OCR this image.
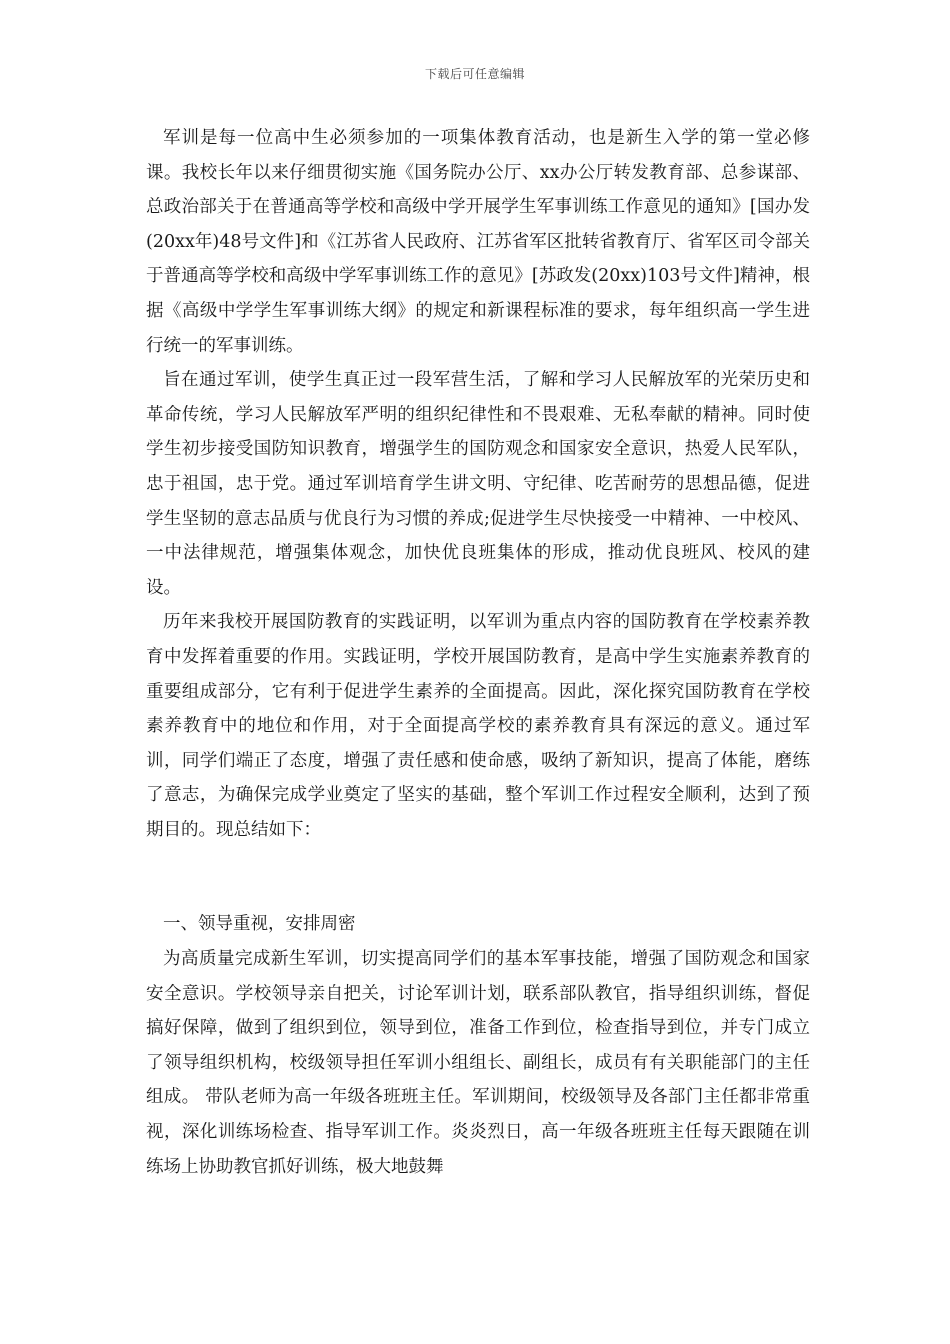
下载后可任意编辑

军训是每一位高中生必须参加的一项集体教育活动，也是新生入学的第一堂必修课。我校长年以来仔细贯彻实施《国务院办公厅、xx办公厅转发教育部、总参谋部、总政治部关于在普通高等学校和高级中学开展学生军事训练工作意见的通知》[国办发(20xx年)48号文件]和《江苏省人民政府、江苏省军区批转省教育厅、省军区司令部关于普通高等学校和高级中学军事训练工作的意见》[苏政发(20xx)103号文件]精神，根据《高级中学学生军事训练大纲》的规定和新课程标准的要求，每年组织高一学生进行统一的军事训练。

旨在通过军训，使学生真正过一段军营生活，了解和学习人民解放军的光荣历史和革命传统，学习人民解放军严明的组织纪律性和不畏艰难、无私奉献的精神。同时使学生初步接受国防知识教育，增强学生的国防观念和国家安全意识，热爱人民军队，忠于祖国，忠于党。通过军训培育学生讲文明、守纪律、吃苦耐劳的思想品德，促进学生坚韧的意志品质与优良行为习惯的养成;促进学生尽快接受一中精神、一中校风、一中法律规范，增强集体观念，加快优良班集体的形成，推动优良班风、校风的建设。

历年来我校开展国防教育的实践证明，以军训为重点内容的国防教育在学校素养教育中发挥着重要的作用。实践证明，学校开展国防教育，是高中学生实施素养教育的重要组成部分，它有利于促进学生素养的全面提高。因此，深化探究国防教育在学校素养教育中的地位和作用，对于全面提高学校的素养教育具有深远的意义。通过军训，同学们端正了态度，增强了责任感和使命感，吸纳了新知识，提高了体能，磨练了意志，为确保完成学业奠定了坚实的基础，整个军训工作过程安全顺利，达到了预期目的。现总结如下：

一、领导重视，安排周密

为高质量完成新生军训，切实提高同学们的基本军事技能，增强了国防观念和国家安全意识。学校领导亲自把关，讨论军训计划，联系部队教官，指导组织训练，督促搞好保障，做到了组织到位，领导到位，准备工作到位，检查指导到位，并专门成立了领导组织机构，校级领导担任军训小组组长、副组长，成员有有关职能部门的主任组成。 带队老师为高一年级各班班主任。军训期间，校级领导及各部门主任都非常重视，深化训练场检查、指导军训工作。炎炎烈日，高一年级各班班主任每天跟随在训练场上协助教官抓好训练，极大地鼓舞
